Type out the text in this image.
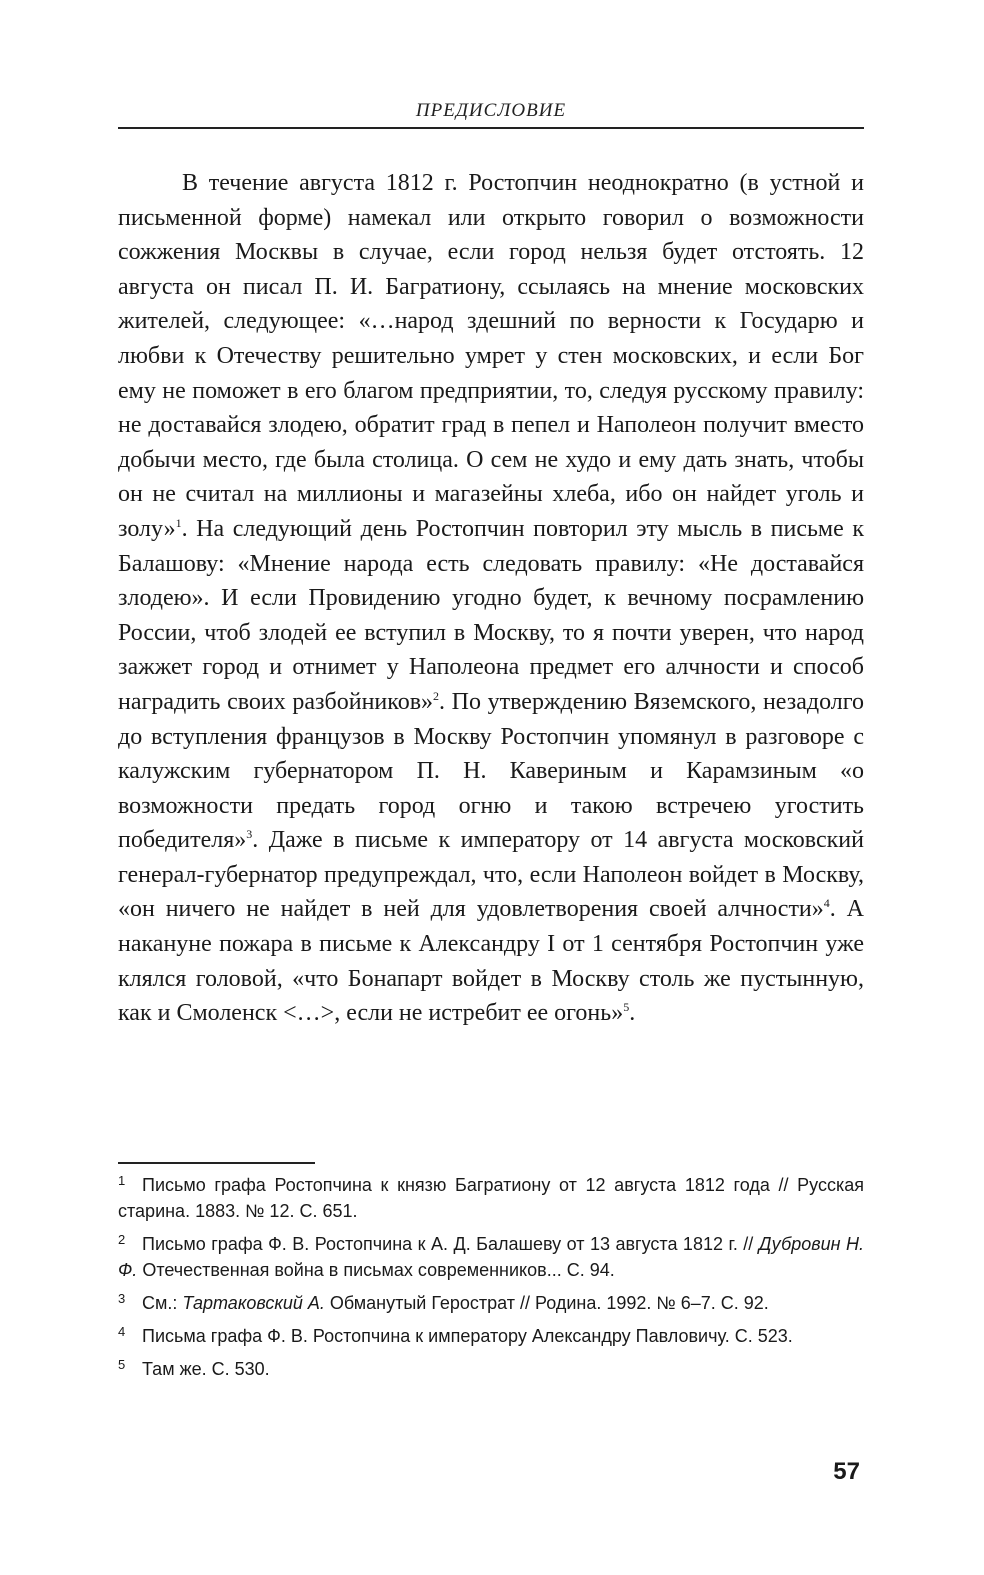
ПРЕДИСЛОВИЕ

В течение августа 1812 г. Ростопчин неоднократно (в устной и письменной форме) намекал или открыто говорил о возможности сожжения Москвы в случае, если город нельзя будет отстоять. 12 августа он писал П. И. Багратиону, ссылаясь на мнение московских жителей, следующее: «…народ здешний по верности к Государю и любви к Отечеству решительно умрет у стен московских, и если Бог ему не поможет в его благом предприятии, то, следуя русскому правилу: не доставайся злодею, обратит град в пепел и Наполеон получит вместо добычи место, где была столица. О сем не худо и ему дать знать, чтобы он не считал на миллионы и магазейны хлеба, ибо он найдет уголь и золу»$^1$. На следующий день Ростопчин повторил эту мысль в письме к Балашову: «Мнение народа есть следовать правилу: «Не доставайся злодею». И если Провидению угодно будет, к вечному посрамлению России, чтоб злодей ее вступил в Москву, то я почти уверен, что народ зажжет город и отнимет у Наполеона предмет его алчности и способ наградить своих разбойников»$^2$. По утверждению Вяземского, незадолго до вступления французов в Москву Ростопчин упомянул в разговоре с калужским губернатором П. Н. Кавериным и Карамзиным «о возможности предать город огню и такою встречею угостить победителя»$^3$. Даже в письме к императору от 14 августа московский генерал-губернатор предупреждал, что, если Наполеон войдет в Москву, «он ничего не найдет в ней для удовлетворения своей алчности»$^4$. А накануне пожара в письме к Александру I от 1 сентября Ростопчин уже клялся головой, «что Бонапарт войдет в Москву столь же пустынную, как и Смоленск <…>, если не истребит ее огонь»$^5$.

1 Письмо графа Ростопчина к князю Багратиону от 12 августа 1812 года // Русская старина. 1883. № 12. С. 651.

2 Письмо графа Ф. В. Ростопчина к А. Д. Балашеву от 13 августа 1812 г. // Дубровин Н. Ф. Отечественная война в письмах современников... С. 94.

3 См.: Тартаковский А. Обманутый Герострат // Родина. 1992. № 6–7. С. 92.

4 Письма графа Ф. В. Ростопчина к императору Александру Павловичу. С. 523.

5 Там же. С. 530.

57
